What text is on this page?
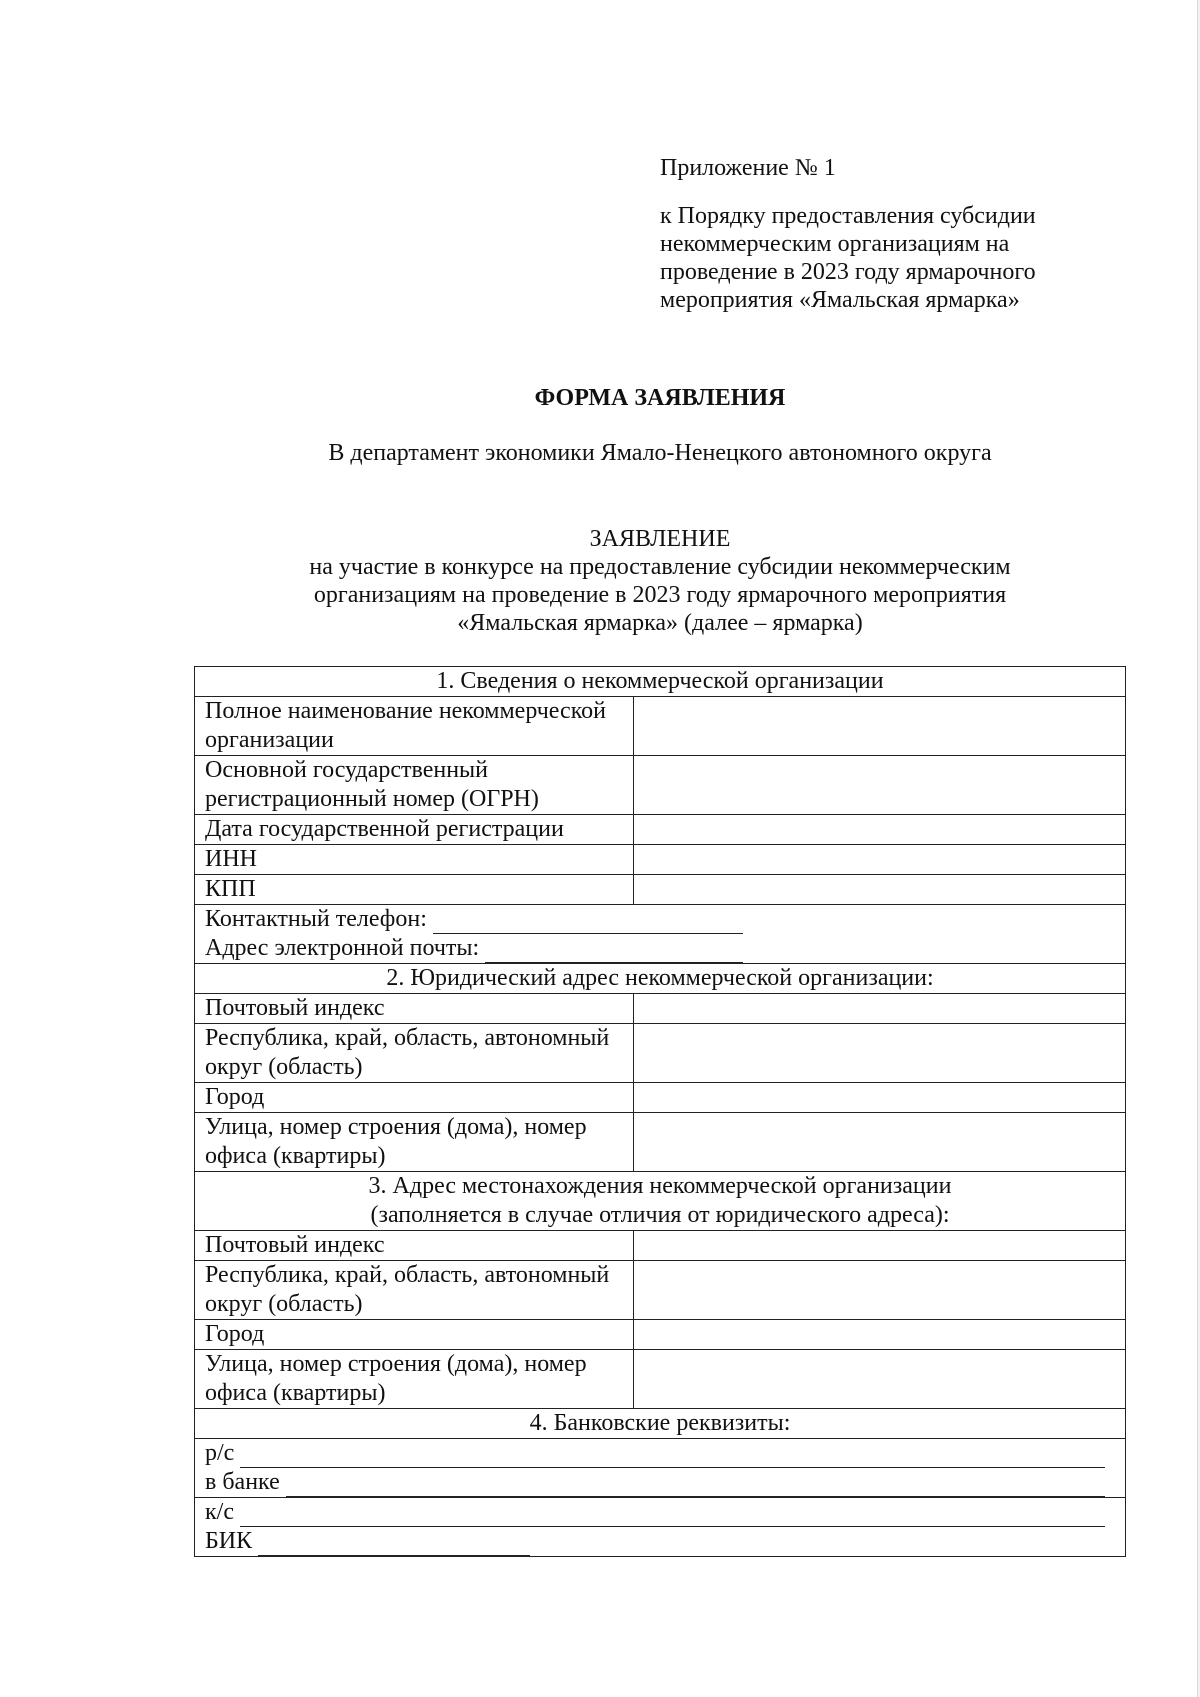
Приложение № 1
к Порядку предоставления субсидии некоммерческим организациям на проведение в 2023 году ярмарочного мероприятия «Ямальская ярмарка»
ФОРМА ЗАЯВЛЕНИЯ
В департамент экономики Ямало-Ненецкого автономного округа
ЗАЯВЛЕНИЕ
на участие в конкурсе на предоставление субсидии некоммерческим организациям на проведение в 2023 году ярмарочного мероприятия «Ямальская ярмарка» (далее – ярмарка)
1. Сведения о некоммерческой организации	
Полное наименование некоммерческой организации	
Основной государственный регистрационный номер (ОГРН)	
Дата государственной регистрации	
ИНН	
КПП	

Контактный телефон:
Адрес электронной почты:	

2. Юридический адрес некоммерческой организации:	
Почтовый индекс	
Республика, край, область, автономный округ (область)	
Город	
Улица, номер строения (дома), номер офиса (квартиры)	

3. Адрес местонахождения некоммерческой организации
(заполняется в случае отличия от юридического адреса):	

Почтовый индекс	
Республика, край, область, автономный округ (область)	
Город	
Улица, номер строения (дома), номер офиса (квартиры)	
4. Банковские реквизиты:	

р/с
в банке	

к/с
БИК	
